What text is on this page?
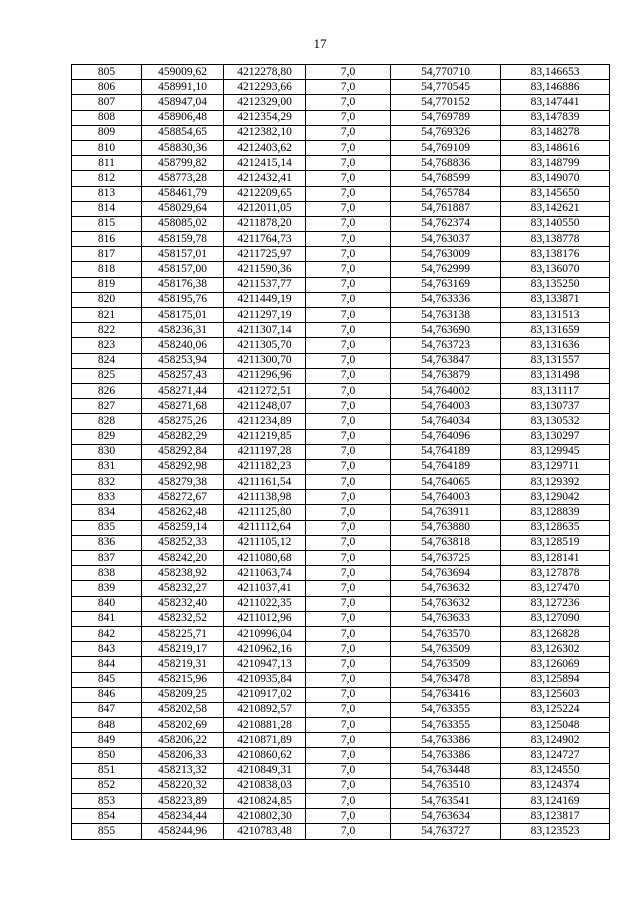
17
805	459009,62	4212278,80	7,0	54,770710	83,146653
806	458991,10	4212293,66	7,0	54,770545	83,146886
807	458947,04	4212329,00	7,0	54,770152	83,147441
808	458906,48	4212354,29	7,0	54,769789	83,147839
809	458854,65	4212382,10	7,0	54,769326	83,148278
810	458830,36	4212403,62	7,0	54,769109	83,148616
811	458799,82	4212415,14	7,0	54,768836	83,148799
812	458773,28	4212432,41	7,0	54,768599	83,149070
813	458461,79	4212209,65	7,0	54,765784	83,145650
814	458029,64	4212011,05	7,0	54,761887	83,142621
815	458085,02	4211878,20	7,0	54,762374	83,140550
816	458159,78	4211764,73	7,0	54,763037	83,138778
817	458157,01	4211725,97	7,0	54,763009	83,138176
818	458157,00	4211590,36	7,0	54,762999	83,136070
819	458176,38	4211537,77	7,0	54,763169	83,135250
820	458195,76	4211449,19	7,0	54,763336	83,133871
821	458175,01	4211297,19	7,0	54,763138	83,131513
822	458236,31	4211307,14	7,0	54,763690	83,131659
823	458240,06	4211305,70	7,0	54,763723	83,131636
824	458253,94	4211300,70	7,0	54,763847	83,131557
825	458257,43	4211296,96	7,0	54,763879	83,131498
826	458271,44	4211272,51	7,0	54,764002	83,131117
827	458271,68	4211248,07	7,0	54,764003	83,130737
828	458275,26	4211234,89	7,0	54,764034	83,130532
829	458282,29	4211219,85	7,0	54,764096	83,130297
830	458292,84	4211197,28	7,0	54,764189	83,129945
831	458292,98	4211182,23	7,0	54,764189	83,129711
832	458279,38	4211161,54	7,0	54,764065	83,129392
833	458272,67	4211138,98	7,0	54,764003	83,129042
834	458262,48	4211125,80	7,0	54,763911	83,128839
835	458259,14	4211112,64	7,0	54,763880	83,128635
836	458252,33	4211105,12	7,0	54,763818	83,128519
837	458242,20	4211080,68	7,0	54,763725	83,128141
838	458238,92	4211063,74	7,0	54,763694	83,127878
839	458232,27	4211037,41	7,0	54,763632	83,127470
840	458232,40	4211022,35	7,0	54,763632	83,127236
841	458232,52	4211012,96	7,0	54,763633	83,127090
842	458225,71	4210996,04	7,0	54,763570	83,126828
843	458219,17	4210962,16	7,0	54,763509	83,126302
844	458219,31	4210947,13	7,0	54,763509	83,126069
845	458215,96	4210935,84	7,0	54,763478	83,125894
846	458209,25	4210917,02	7,0	54,763416	83,125603
847	458202,58	4210892,57	7,0	54,763355	83,125224
848	458202,69	4210881,28	7,0	54,763355	83,125048
849	458206,22	4210871,89	7,0	54,763386	83,124902
850	458206,33	4210860,62	7,0	54,763386	83,124727
851	458213,32	4210849,31	7,0	54,763448	83,124550
852	458220,32	4210838,03	7,0	54,763510	83,124374
853	458223,89	4210824,85	7,0	54,763541	83,124169
854	458234,44	4210802,30	7,0	54,763634	83,123817
855	458244,96	4210783,48	7,0	54,763727	83,123523
